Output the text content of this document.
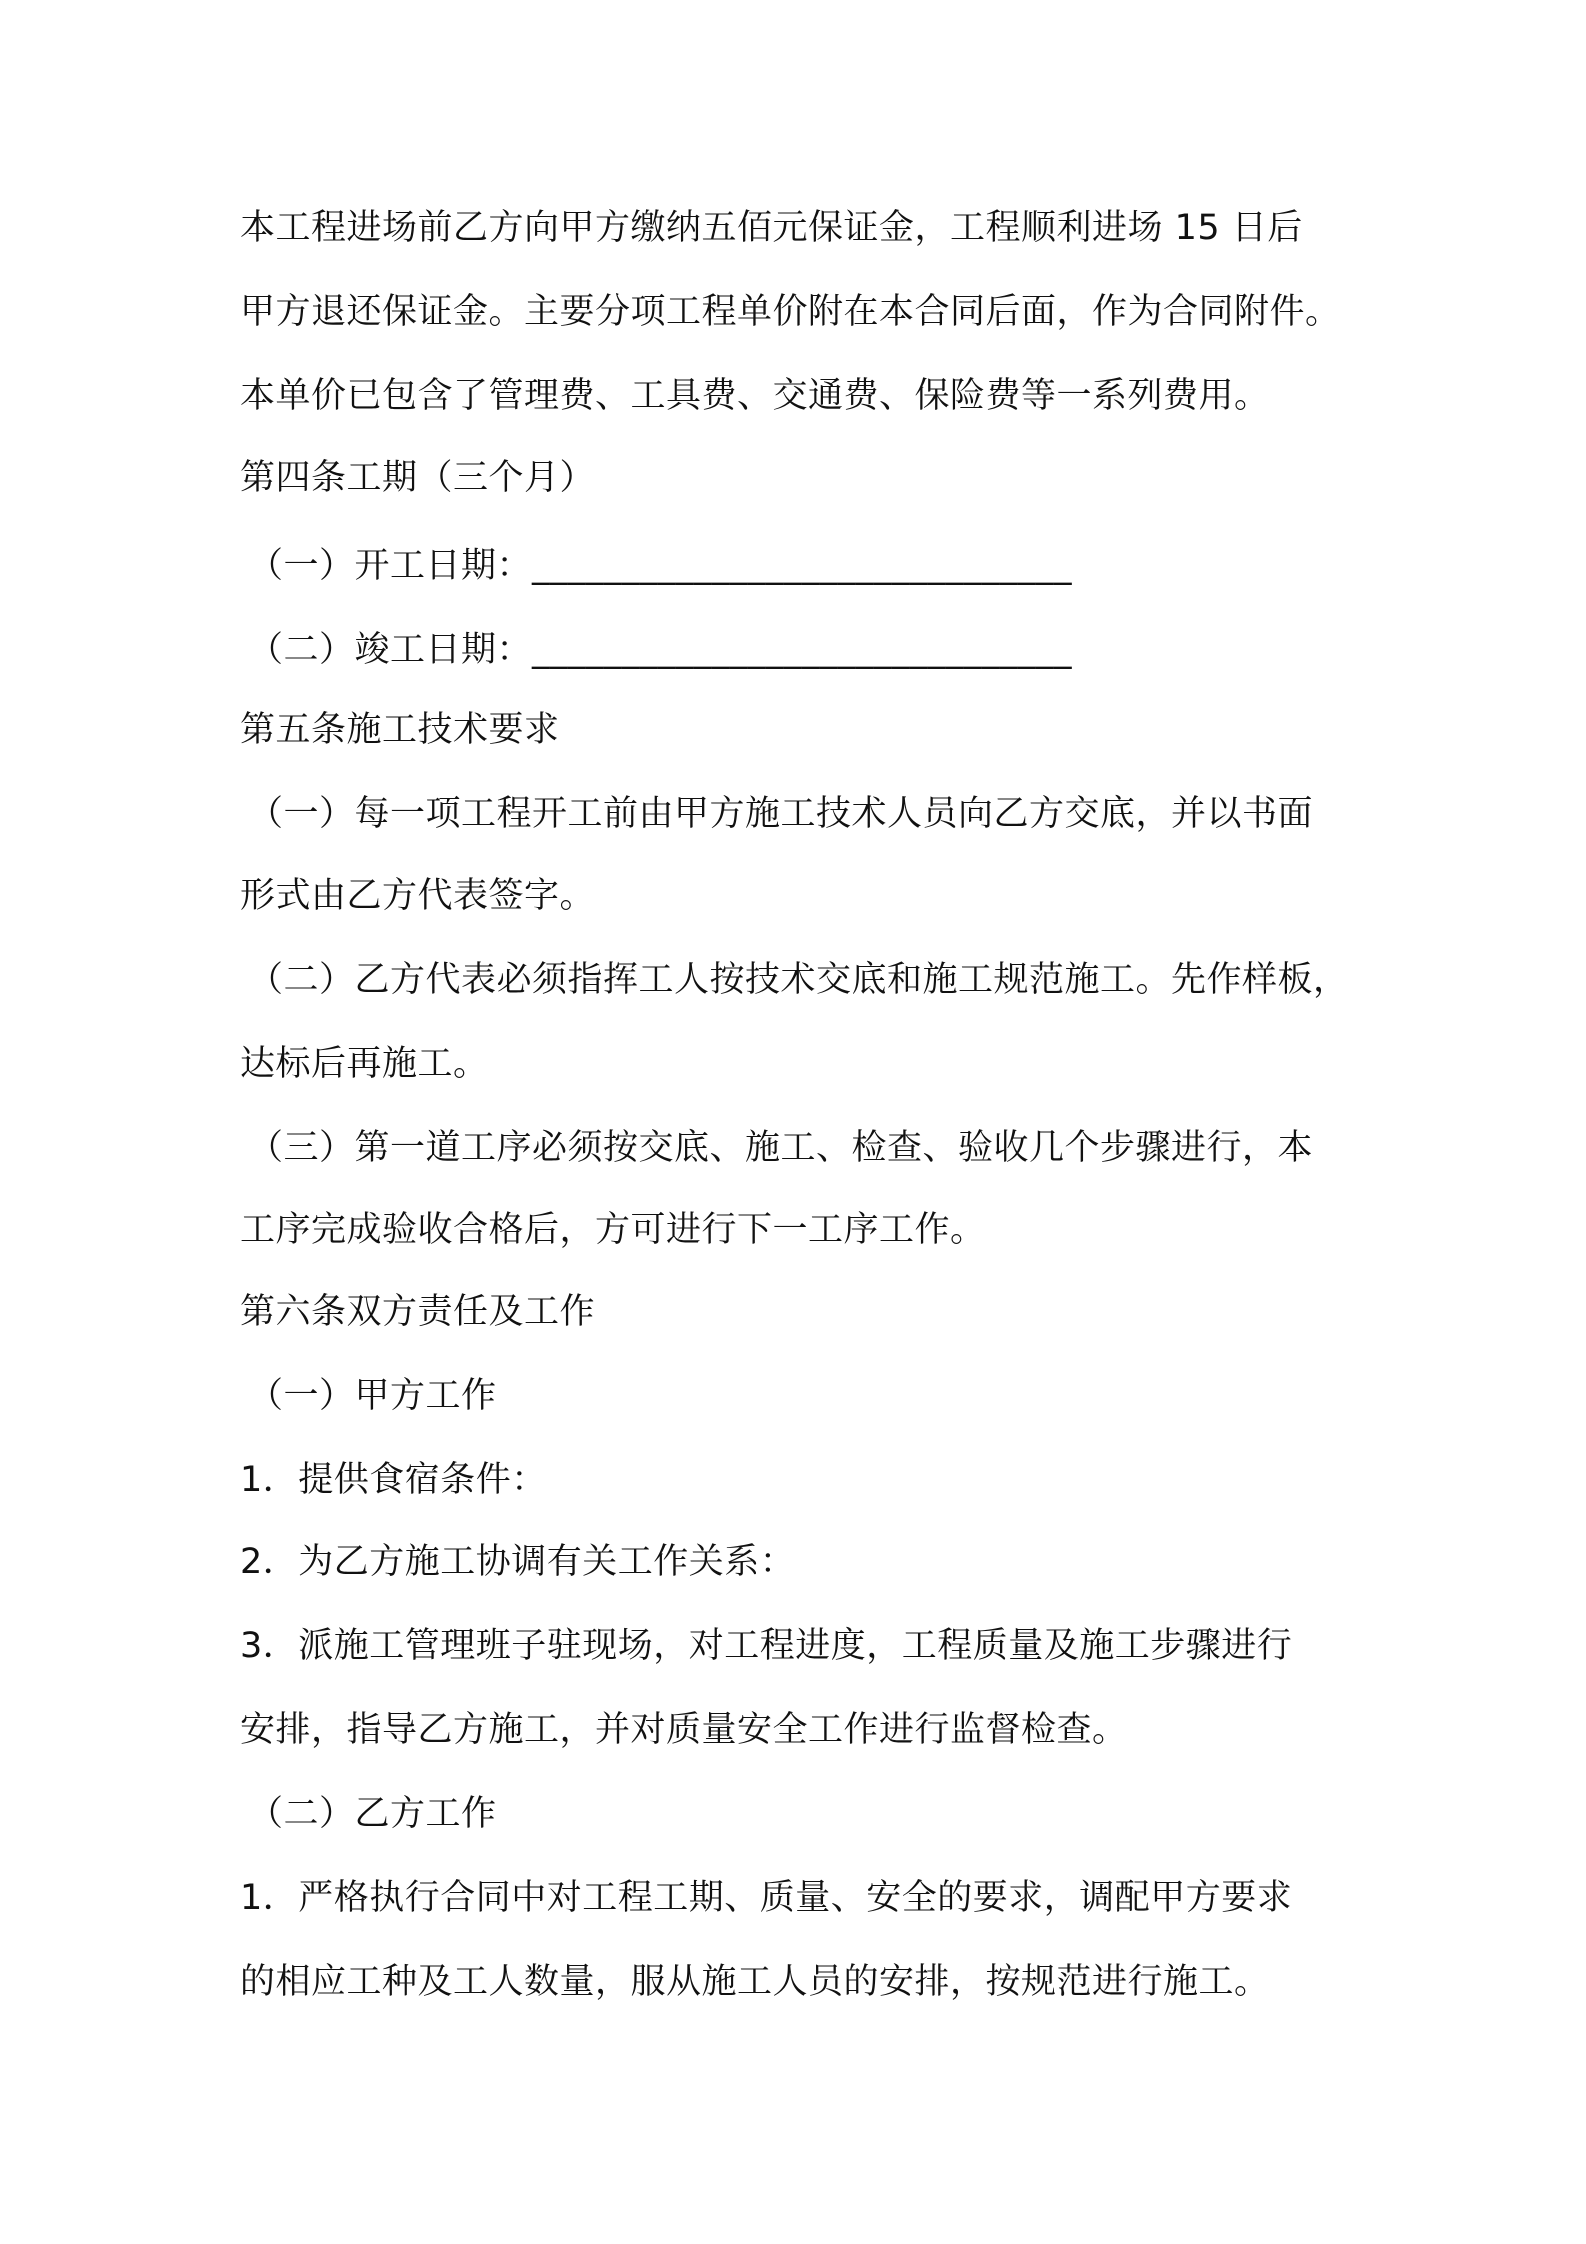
本工程进场前乙方向甲方缴纳五佰元保证金，工程顺利进场 15 日后
甲方退还保证金。主要分项工程单价附在本合同后面，作为合同附件。
本单价已包含了管理费、工具费、交通费、保险费等一系列费用。
第四条工期（三个月）
（一）开工日期：______________________________
（二）竣工日期：______________________________
第五条施工技术要求
（一）每一项工程开工前由甲方施工技术人员向乙方交底，并以书面
形式由乙方代表签字。
（二）乙方代表必须指挥工人按技术交底和施工规范施工。先作样板，
达标后再施工。
（三）第一道工序必须按交底、施工、检查、验收几个步骤进行，本
工序完成验收合格后，方可进行下一工序工作。
第六条双方责任及工作
（一）甲方工作
1．提供食宿条件：
2．为乙方施工协调有关工作关系：
3．派施工管理班子驻现场，对工程进度，工程质量及施工步骤进行
安排，指导乙方施工，并对质量安全工作进行监督检查。
（二）乙方工作
1．严格执行合同中对工程工期、质量、安全的要求，调配甲方要求
的相应工种及工人数量，服从施工人员的安排，按规范进行施工。
